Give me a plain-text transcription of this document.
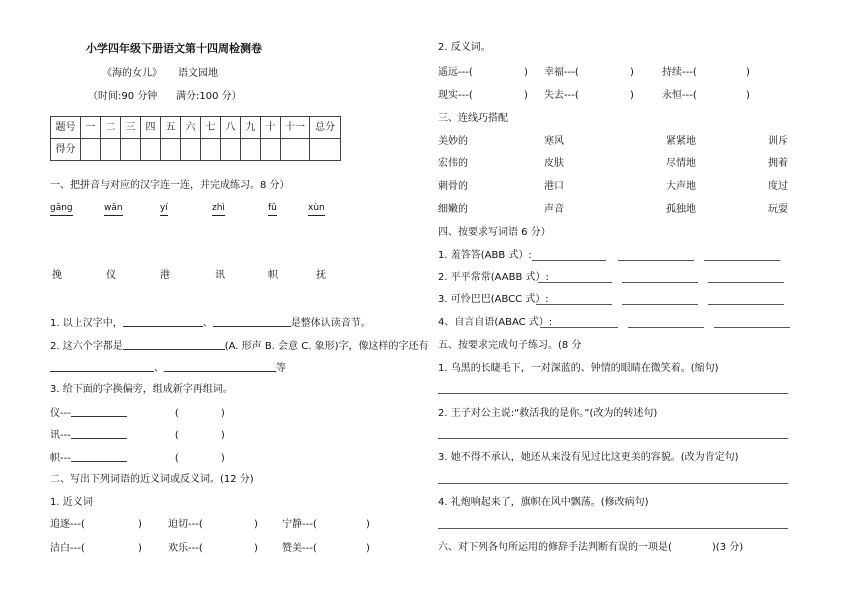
小学四年级下册语文第十四周检测卷
《海的女儿》 语文园地
（时间:90 分钟 满分:100 分）
题号	一	二	三	四	五	六	七	八	九	十	十一	总分
得分												
一、把拼音与对应的汉字连一连，并完成练习。8 分）
gǎng	wǎn	yí	zhì	fǔ	xùn
挽	仪	港	讯	帜	抚
1. 以上汉字中，	、	是整体认读音节。
2. 这六个字都是	(A. 形声 B. 会意 C. 象形)字，像这样的字还有
、	等
3. 给下面的字换偏旁，组成新字再组词。
仪---	(	)
讯---	(	)
帜---	(	)
二、写出下列词语的近义词或反义词。(12 分)
1. 近义词
追逐---(	)	迫切---(	) 宁静---(	)
洁白---(	)	欢乐---(	) 赞美---(	)
2. 反义词。
遥远---(	) 幸福---(	)	持续---(	)
现实---(	) 失去---(	)	永恒---(	)
三、连线巧搭配
美妙的	寒风	紧紧地	训斥
宏伟的	皮肤	尽情地	拥着
刺骨的	港口	大声地	度过
细嫩的	声音	孤独地	玩耍
四、按要求写词语 6 分）
1. 羞答答(ABB 式）:
2. 平平常常(AABB 式）:
3. 可怜巴巴(ABCC 式）:
4、自言自语(ABAC 式）:
五、按要求完成句子练习。(8 分
1. 乌黑的长睫毛下，一对深蓝的、钟情的眼睛在微笑着。(缩句)
2. 王子对公主说:“救活我的是你。”(改为的转述句)
3. 她不得不承认，她还从来没有见过比这更美的容貌。(改为肯定句)
4. 礼炮响起来了，旗帜在风中飘荡。(修改病句)
六、对下列各句所运用的修辞手法判断有误的一项是(	)(3 分)
